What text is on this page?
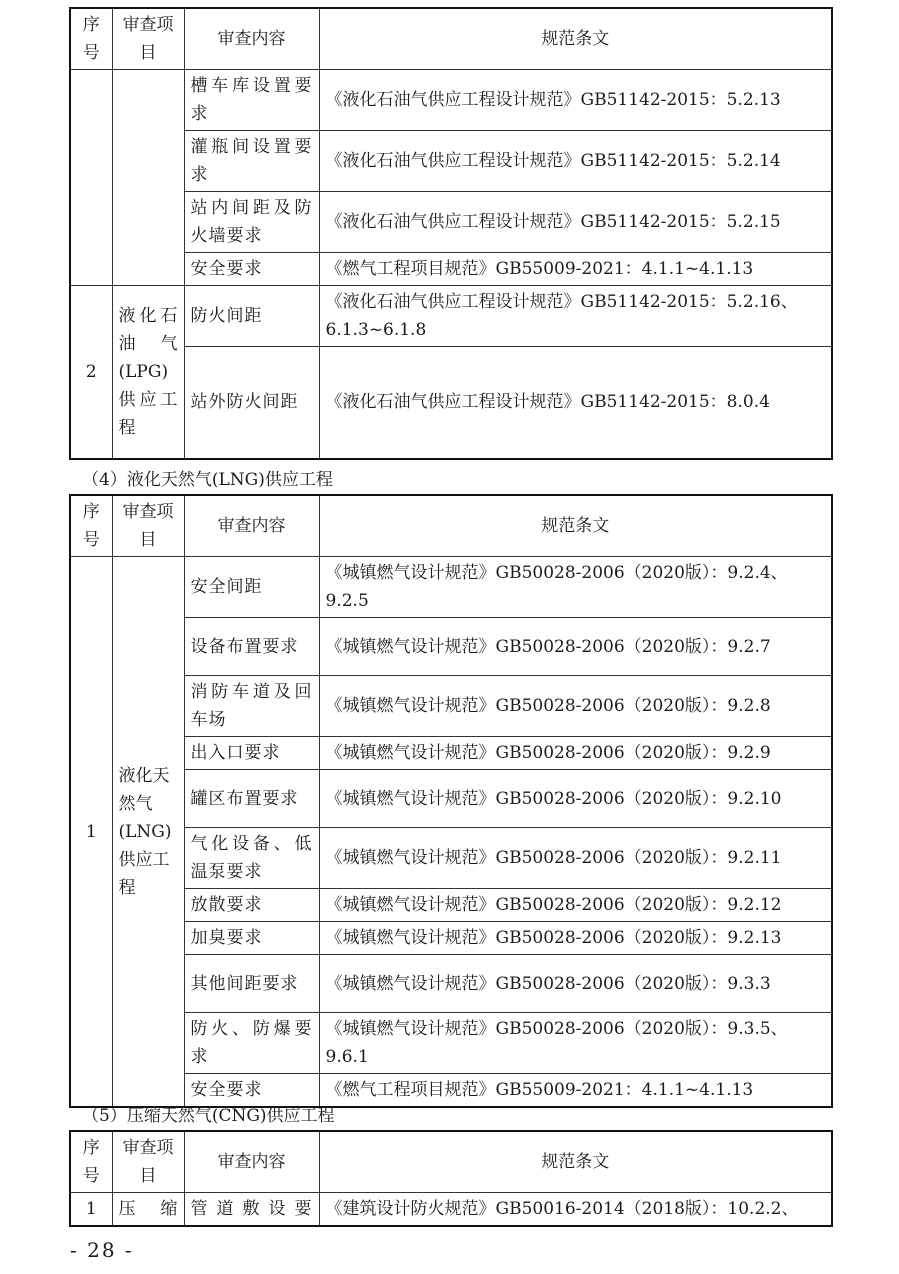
序号	审查项目	审查内容	规范条文
		槽车库设置要求	《液化石油气供应工程设计规范》GB51142-2015：5.2.13
		灌瓶间设置要求	《液化石油气供应工程设计规范》GB51142-2015：5.2.14
		站内间距及防火墙要求	《液化石油气供应工程设计规范》GB51142-2015：5.2.15
		安全要求	《燃气工程项目规范》GB55009-2021：4.1.1~4.1.13
2	液化石油气(LPG)供应工程	防火间距	《液化石油气供应工程设计规范》GB51142-2015：5.2.16、6.1.3~6.1.8
		站外防火间距	《液化石油气供应工程设计规范》GB51142-2015：8.0.4
（4）液化天然气(LNG)供应工程
序号	审查项目	审查内容	规范条文
1	液化天然气(LNG)供应工程	安全间距	《城镇燃气设计规范》GB50028-2006（2020版）：9.2.4、9.2.5
		设备布置要求	《城镇燃气设计规范》GB50028-2006（2020版）：9.2.7
		消防车道及回车场	《城镇燃气设计规范》GB50028-2006（2020版）：9.2.8
		出入口要求	《城镇燃气设计规范》GB50028-2006（2020版）：9.2.9
		罐区布置要求	《城镇燃气设计规范》GB50028-2006（2020版）：9.2.10
		气化设备、低温泵要求	《城镇燃气设计规范》GB50028-2006（2020版）：9.2.11
		放散要求	《城镇燃气设计规范》GB50028-2006（2020版）：9.2.12
		加臭要求	《城镇燃气设计规范》GB50028-2006（2020版）：9.2.13
		其他间距要求	《城镇燃气设计规范》GB50028-2006（2020版）：9.3.3
		防火、防爆要求	《城镇燃气设计规范》GB50028-2006（2020版）：9.3.5、9.6.1
		安全要求	《燃气工程项目规范》GB55009-2021：4.1.1~4.1.13
（5）压缩天然气(CNG)供应工程
序号	审查项目	审查内容	规范条文
1	压缩	管道敷设要	《建筑设计防火规范》GB50016-2014（2018版）：10.2.2、
- 28 -
